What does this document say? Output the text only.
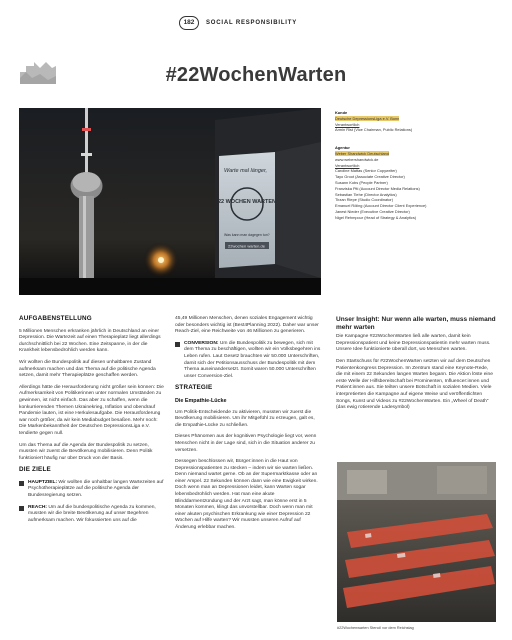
182	SOCIAL RESPONSIBILITY
#22WochenWarten
Warte mal länger,
22 WOCHEN WARTEN
Was kann man dagegen tun?
22wochen warten.de
Kunde
Deutsche DepressionsLiga e.V. Bonn
Verantwortlich
Armin Rist (Vice Chairman, Public Relations)
Agentur
Weber Shandwick Deutschland
www.webershandwick.de
Verantwortlich
Caroline Mattas (Senior Copywriter)
Tayo Groot (Associate Creative Director)
Susann Kobs (People Partner)
Franziska Piti (Account Director Media Relations)
Sebastian Tiehe (Director Analytics)
Tirzan Riepe (Studio Coordinator)
Emanuel Röling (Account Director Client Experience)
Janest Nieder (Executive Creative Director)
Nigel Rehmpour (Head of Strategy & Analytics)
AUFGABENSTELLUNG

5 Millionen Menschen erkranken jährlich in Deutschland an einer Depression. Die Wartezeit auf einen Therapieplatz liegt allerdings durchschnittlich bei 22 Wochen. Eine Zeitspanne, in der die Krankheit lebensbedrohlich werden kann.

Wir wollten die Bundespolitik auf diesen unhaltbaren Zustand aufmerksam machen und das Thema auf die politische Agenda setzen, damit mehr Therapieplätze geschaffen werden.

Allerdings hätte die Herausforderung nicht größer sein können: Die Aufmerksamkeit von Politikerinnen unter normalen Umständen zu gewinnen, ist nicht einfach. Das aber zu schaffen, wenn die konkurrierenden Themen Ukrainekrieg, Inflation und obendrauf Pandemie lauten, ist eine Herkulesaufgabe. Die Herausforderung war noch größer, da wir kein Mediabudget besaßen. Mehr noch: Die Markenbekanntheit der Deutschen DepressionsLiga e.V. tendierte gegen null.

Um das Thema auf die Agenda der Bundespolitik zu setzen, mussten wir zuerst die Bevölkerung mobilisieren. Denn Politik funktioniert häufig nur über Druck von der Basis.

DIE ZIELE
HAUPTZIEL: Wir wollten die unhaltbar langen Wartezeiten auf Psychotherapieplätze auf die politische Agenda der Bundesregierung setzen.
REACH: Um auf die bundespolitische Agenda zu kommen, mussten wir die breite Bevölkerung auf unser Begehren aufmerksam machen. Wir fokussierten uns auf die

45,49 Millionen Menschen, denen soziales Engagement wichtig oder besonders wichtig ist (Best4Planning 2022). Daher war unser Reach-Ziel, eine Reichweite von 46 Millionen zu generieren.

CONVERSION: Um die Bundespolitik zu bewegen, sich mit dem Thema zu beschäftigen, wollten wir ein Volksbegehren ins Leben rufen. Laut Gesetz brauchten wir 50.000 Unterschriften, damit sich der Petitionsausschuss der Bundespolitik mit dem Thema auseinandersetzt. Somit waren 50.000 Unterschriften unser Conversion-Ziel.
STRATEGIE
Die Empathie-Lücke

Um Politik-Entscheidende zu aktivieren, mussten wir zuerst die Bevölkerung mobilisieren. Um ihr Mitgefühl zu erzeugen, galt es, die Empathie-Lücke zu schließen.

Dieses Phänomen aus der kognitiven Psychologie liegt vor, wenn Menschen nicht in der Lage sind, sich in die Situation anderer zu versetzen.

Dessegen beschlossen wir, Bürger:innen in die Haut von Depressionspatienten zu stecken – indem wir sie warten ließen. Denn niemand wartet gerne. Ob an der Supermarktkasse oder an einer Ampel. 22 Sekunden können dann wie eine Ewigkeit wirken. Doch wenn man an Depressionen leidet, kann Warten sogar lebensbedrohlich werden. Hat man eine akute Blinddarmentzündung und der Arzt sagt, man könne erst in 5 Monaten kommen, klingt das unvorstellbar. Doch wenn man mit einer akuten psychischen Erkrankung wie einer Depression 22 Wochen auf Hilfe warten? Wir mussten unseren Aufruf auf Änderung erlebbar machen.

Unser Insight: Nur wenn alle warten, muss niemand mehr warten

Die Kampagne #22WochenWarten ließ alle warten, damit kein Depressionspatient und keine Depressionspatientin mehr warten muss. Unsere Idee funktionierte überall dort, wo Menschen warten.

Den Startschuss für #22WochenWarten setzten wir auf dem Deutschen Patientenkongress Depression. Im Zentrum stand eine Keynote-Rede, die mit einem 22 Sekunden langen Warten begann. Die Aktion löste eine erste Welle der Hilfsbereitschaft bei Prominenten, Influencer:innen und Patient:innen aus. Sie teilten unsere Botschaft in sozialen Medien. Viele interpretierten die Kampagne auf eigene Weise und veröffentlichten Songs, Kunst und Videos zu #22WochenWarten. Ein „Wheel of Death" (das ewig rotierende Ladesymbol)

#22Wochenwarten Stencil vor dem Reichstag
